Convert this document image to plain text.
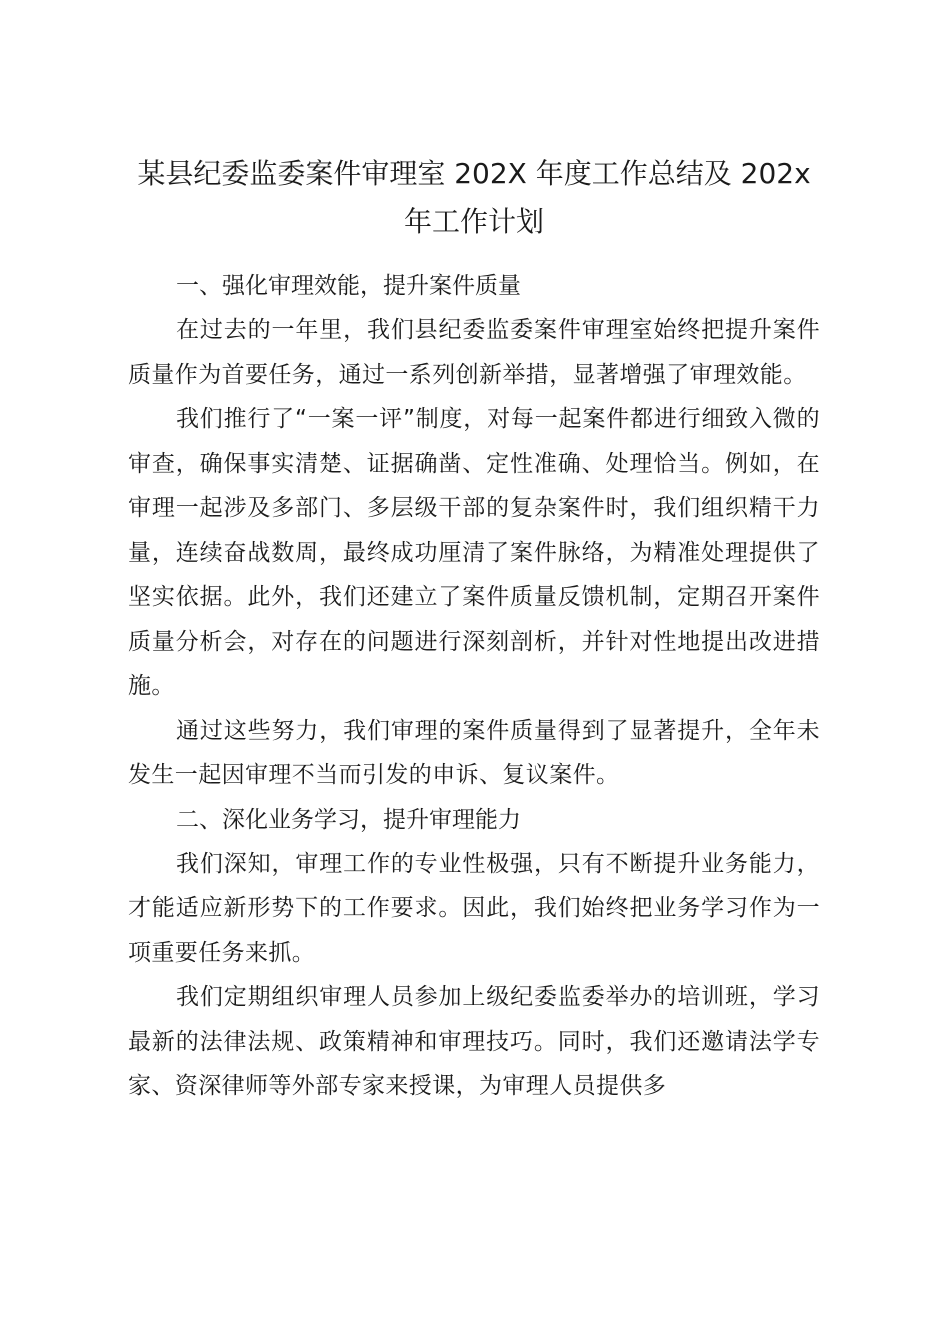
某县纪委监委案件审理室 202X 年度工作总结及 202x
年工作计划

一、强化审理效能，提升案件质量

在过去的一年里，我们县纪委监委案件审理室始终把提升案件质量作为首要任务，通过一系列创新举措，显著增强了审理效能。

我们推行了“一案一评”制度，对每一起案件都进行细致入微的审查，确保事实清楚、证据确凿、定性准确、处理恰当。例如，在审理一起涉及多部门、多层级干部的复杂案件时，我们组织精干力量，连续奋战数周，最终成功厘清了案件脉络，为精准处理提供了坚实依据。此外，我们还建立了案件质量反馈机制，定期召开案件质量分析会，对存在的问题进行深刻剖析，并针对性地提出改进措施。

通过这些努力，我们审理的案件质量得到了显著提升，全年未发生一起因审理不当而引发的申诉、复议案件。

二、深化业务学习，提升审理能力

我们深知，审理工作的专业性极强，只有不断提升业务能力，才能适应新形势下的工作要求。因此，我们始终把业务学习作为一项重要任务来抓。

我们定期组织审理人员参加上级纪委监委举办的培训班，学习最新的法律法规、政策精神和审理技巧。同时，我们还邀请法学专家、资深律师等外部专家来授课，为审理人员提供多
